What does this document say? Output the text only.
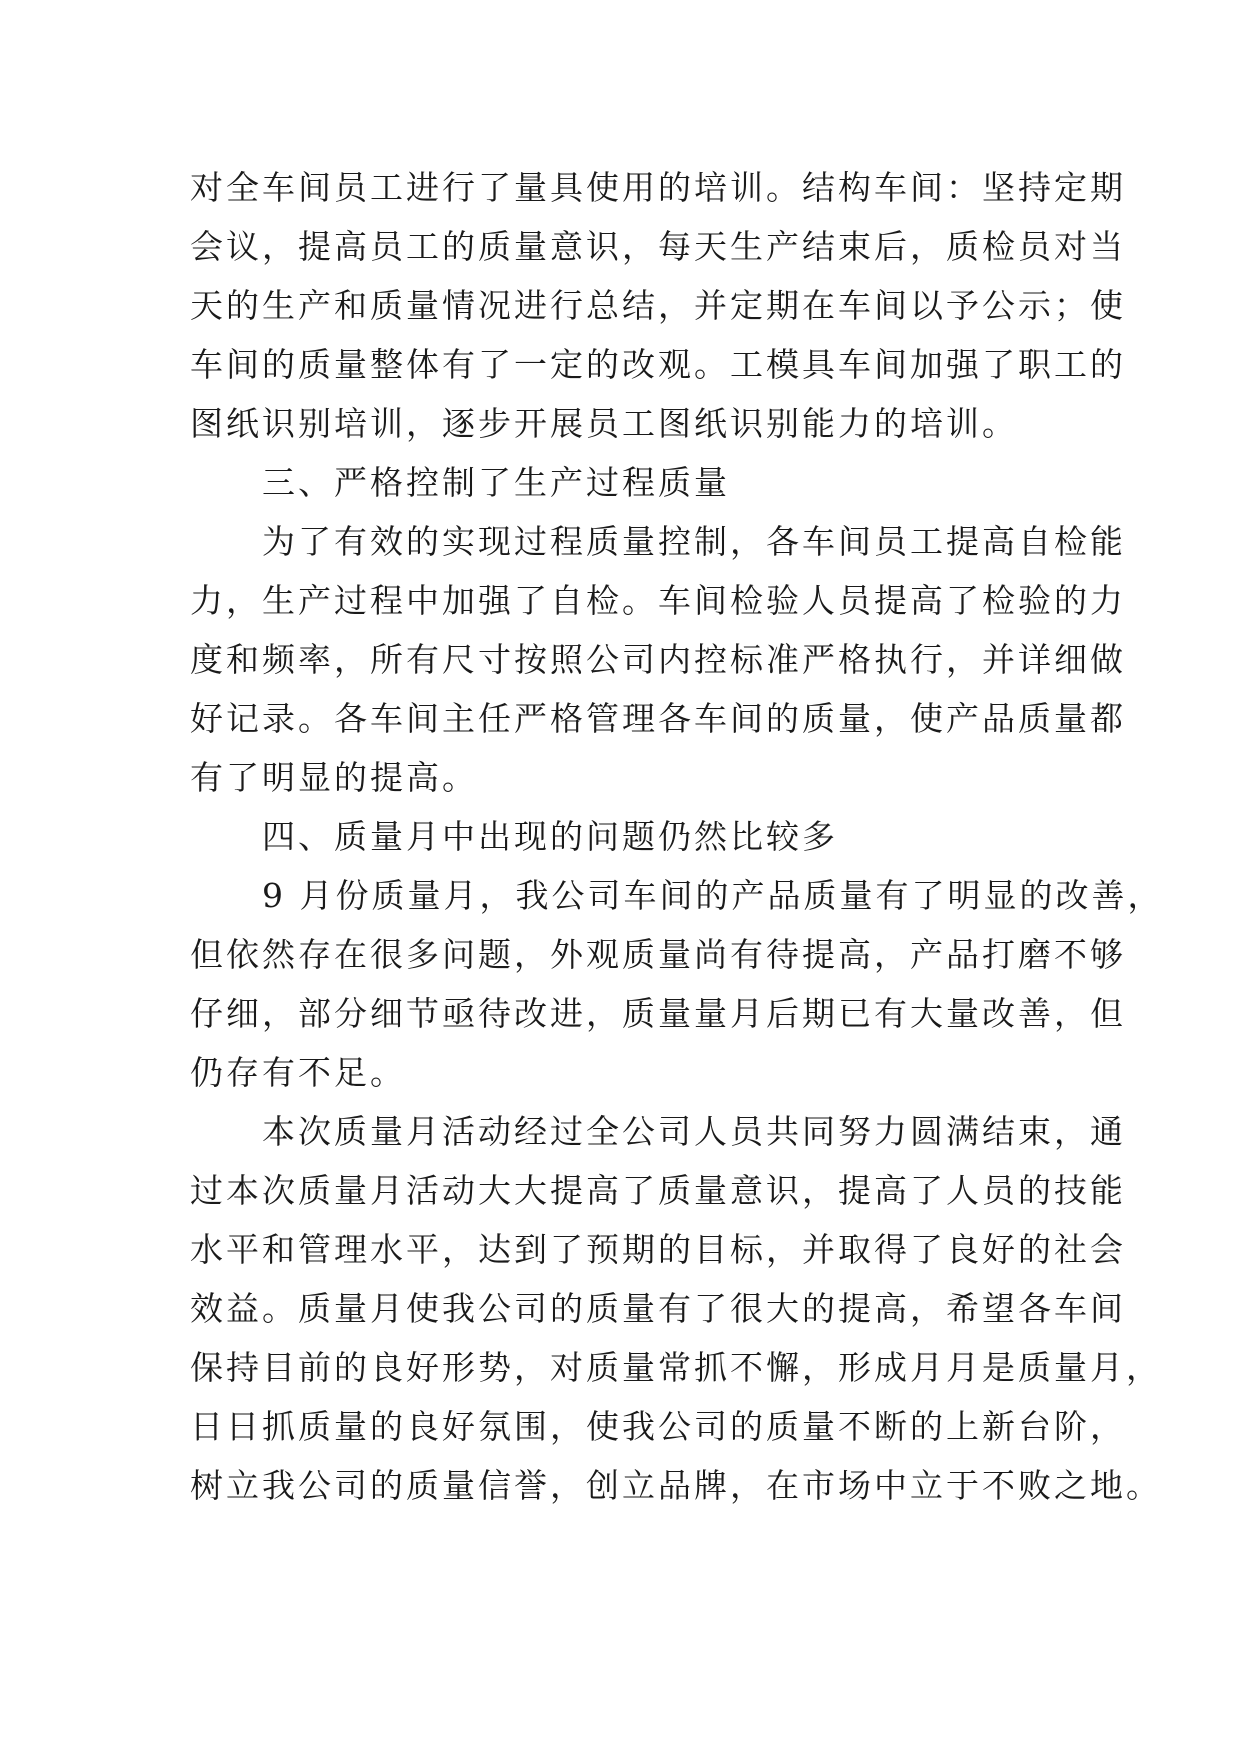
对全车间员工进行了量具使用的培训。结构车间：坚持定期
会议，提高员工的质量意识，每天生产结束后，质检员对当
天的生产和质量情况进行总结，并定期在车间以予公示；使
车间的质量整体有了一定的改观。工模具车间加强了职工的
图纸识别培训，逐步开展员工图纸识别能力的培训。

三、严格控制了生产过程质量

为了有效的实现过程质量控制，各车间员工提高自检能
力，生产过程中加强了自检。车间检验人员提高了检验的力
度和频率，所有尺寸按照公司内控标准严格执行，并详细做
好记录。各车间主任严格管理各车间的质量，使产品质量都
有了明显的提高。

四、质量月中出现的问题仍然比较多

9 月份质量月，我公司车间的产品质量有了明显的改善，
但依然存在很多问题，外观质量尚有待提高，产品打磨不够
仔细，部分细节亟待改进，质量量月后期已有大量改善，但
仍存有不足。

本次质量月活动经过全公司人员共同努力圆满结束，通
过本次质量月活动大大提高了质量意识，提高了人员的技能
水平和管理水平，达到了预期的目标，并取得了良好的社会
效益。质量月使我公司的质量有了很大的提高，希望各车间
保持目前的良好形势，对质量常抓不懈，形成月月是质量月，
日日抓质量的良好氛围，使我公司的质量不断的上新台阶，
树立我公司的质量信誉，创立品牌，在市场中立于不败之地。
